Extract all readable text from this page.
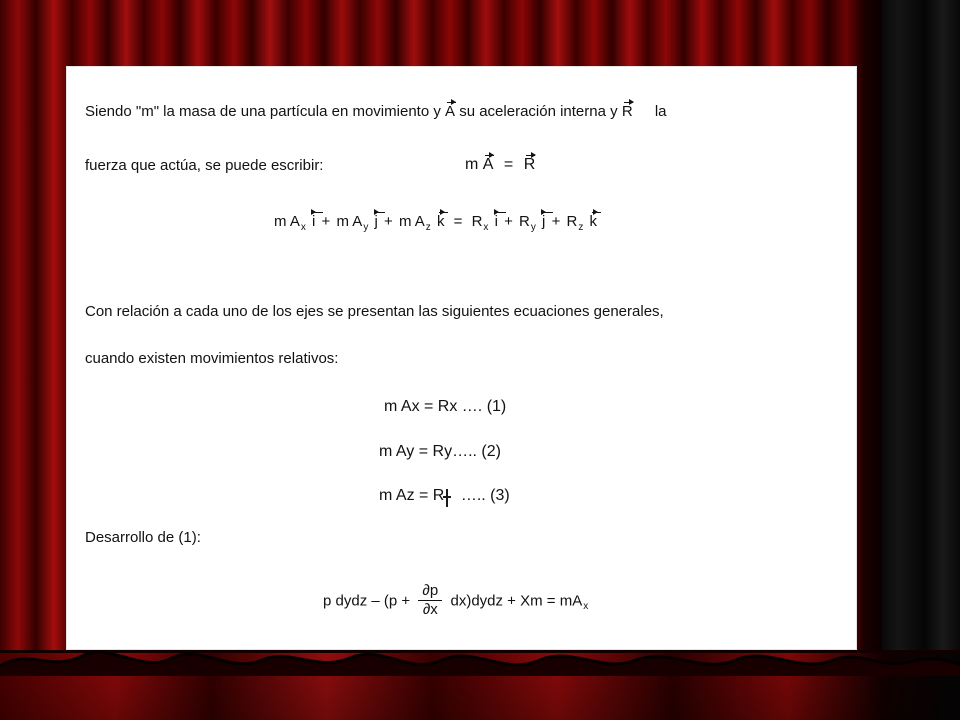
Siendo "m" la masa de una partícula en movimiento y A su aceleración interna y R la
fuerza que actúa, se puede escribir:	m A = R
m $A_x$ i + m $A_y$ j + m $A_z$ $k = R_x$ $i + R_y$ $j + R_z$ k
Con relación a cada uno de los ejes se presentan las siguientes ecuaciones generales,
cuando existen movimientos relativos:
m Ax = Rx …. (1)
m Ay = Ry….. (2)
m Az = R ….. (3)
Desarrollo de (1):
p dydz – ($p + \frac{\partial p}{\partial x}$ dx)dydz + $Xm = mA_x$
